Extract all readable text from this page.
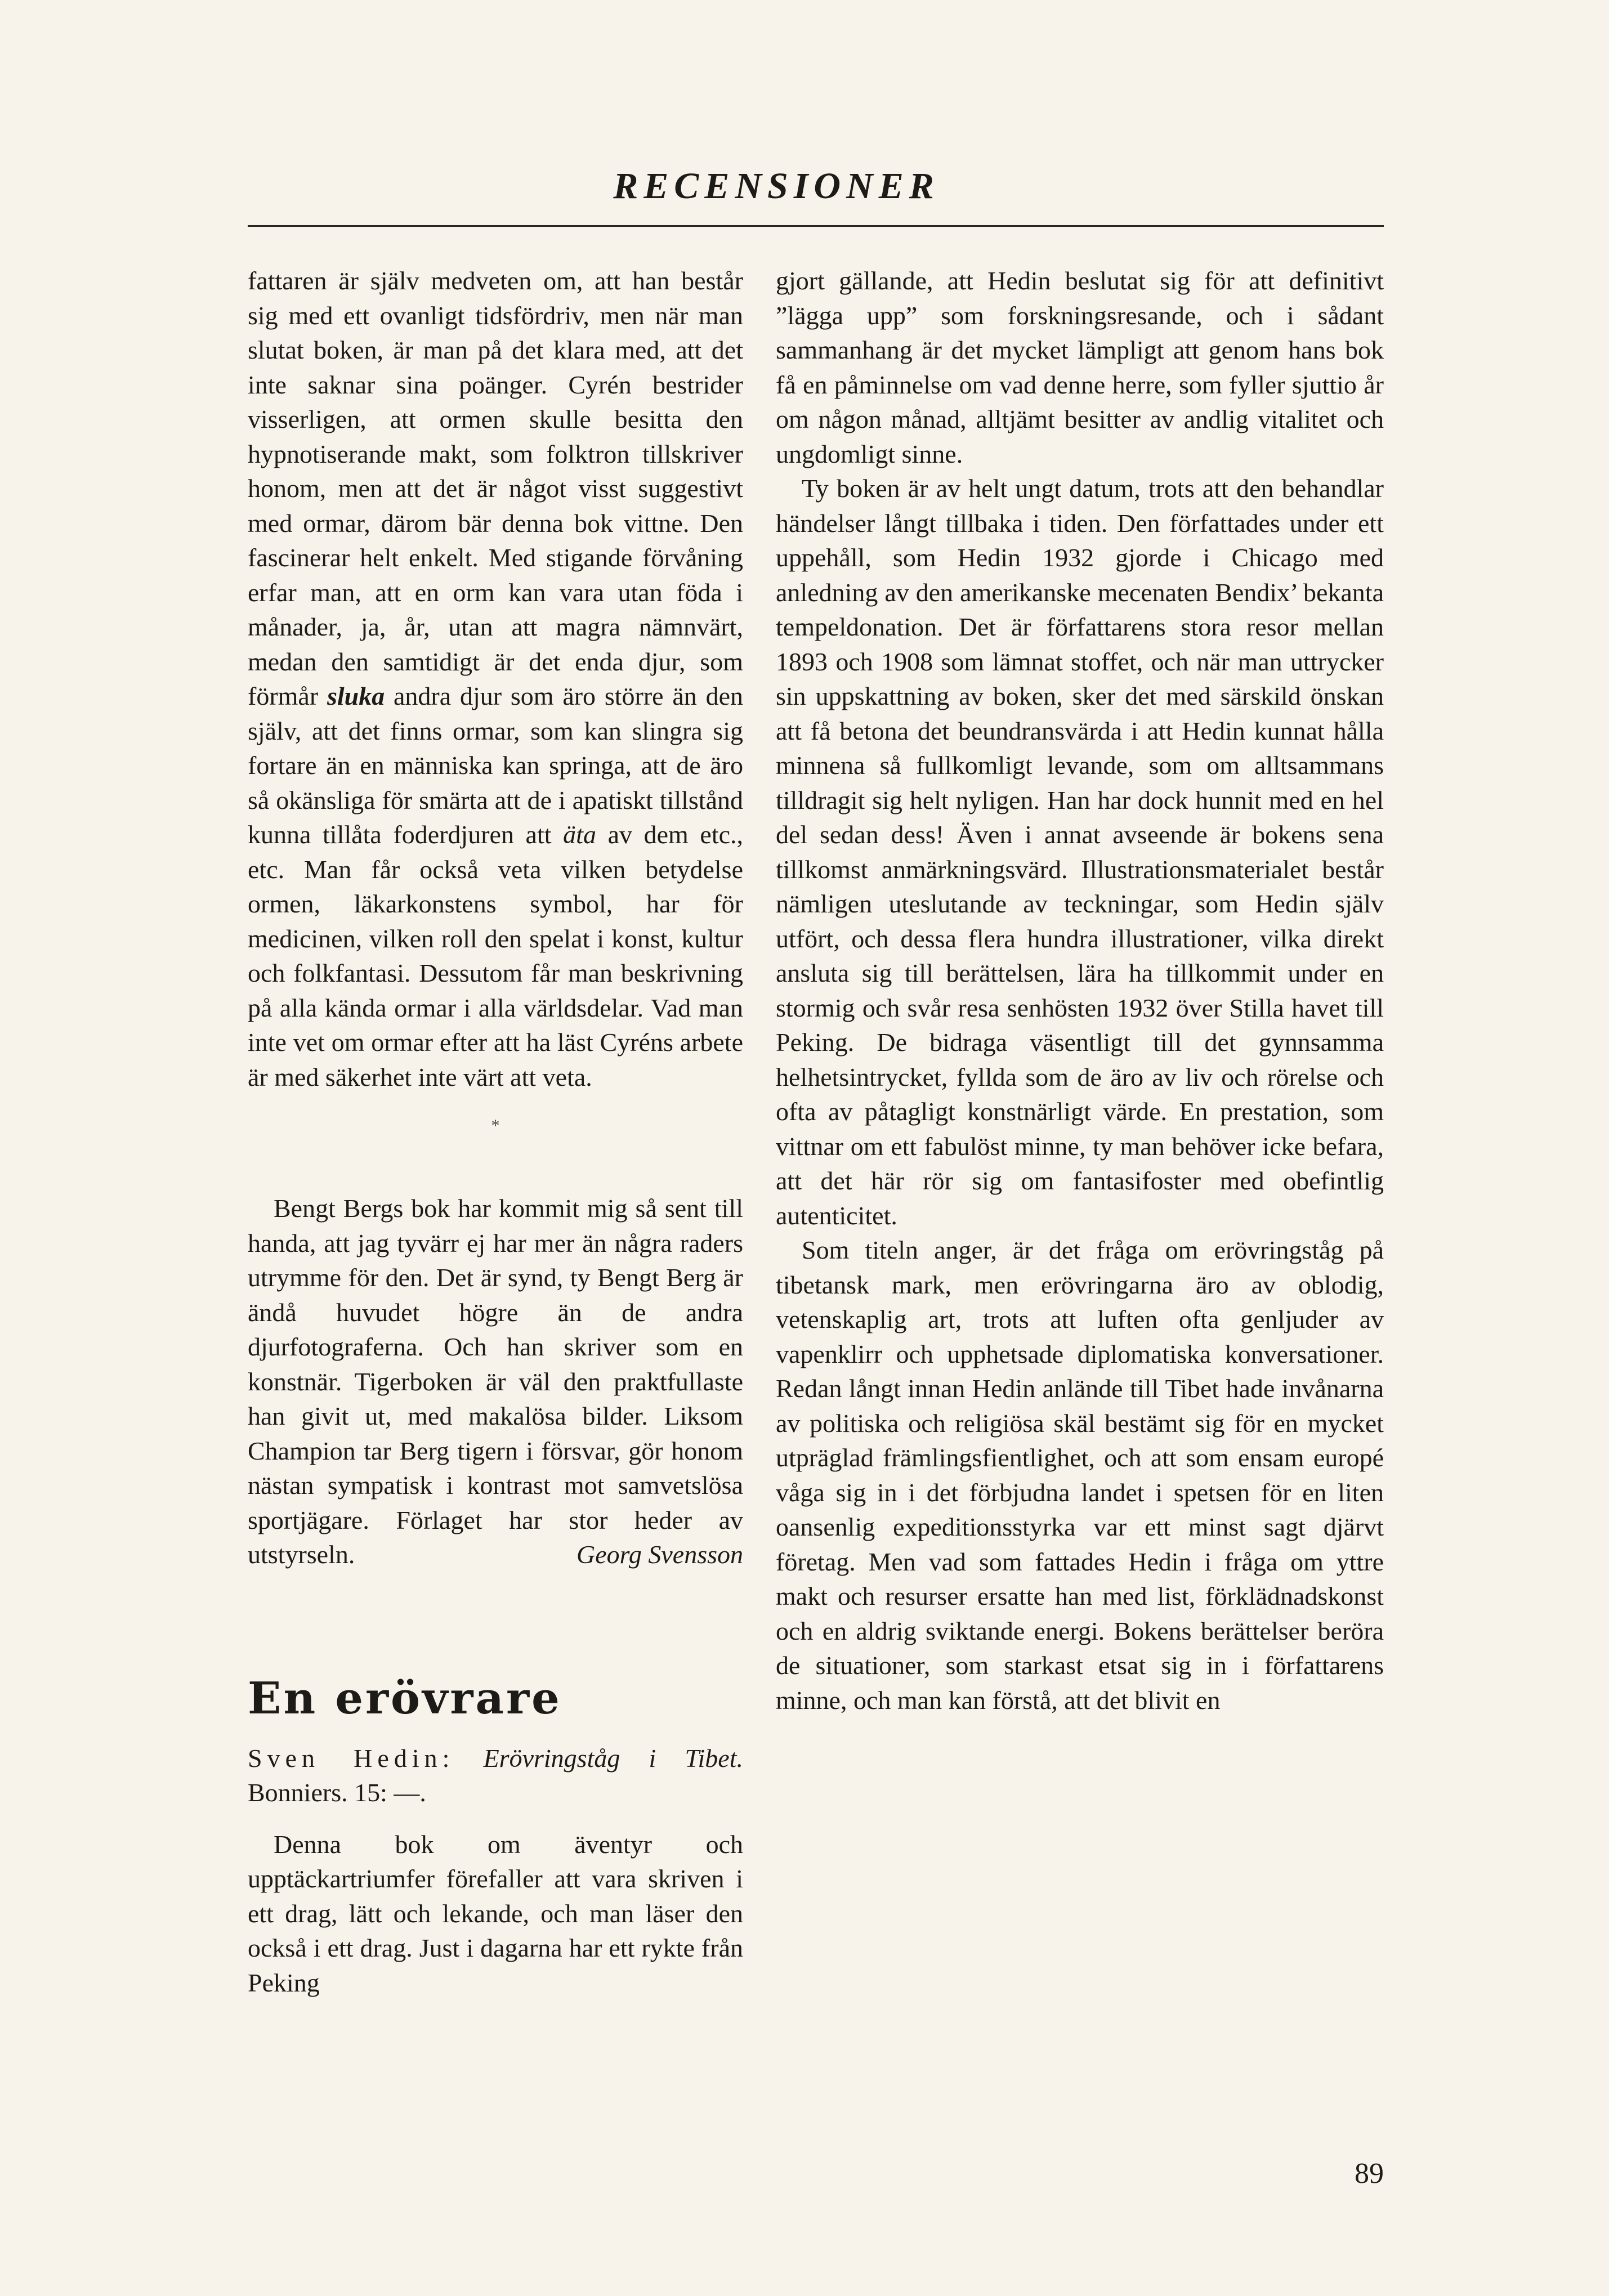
RECENSIONER

fattaren är själv medveten om, att han består sig med ett ovanligt tidsfördriv, men när man slutat boken, är man på det klara med, att det inte saknar sina poänger. Cyrén bestrider visserligen, att ormen skulle besitta den hypnotiserande makt, som folktron tillskriver honom, men att det är något visst suggestivt med ormar, därom bär denna bok vittne. Den fascinerar helt enkelt. Med stigande förvåning erfar man, att en orm kan vara utan föda i månader, ja, år, utan att magra nämnvärt, medan den samtidigt är det enda djur, som förmår sluka andra djur som äro större än den själv, att det finns ormar, som kan slingra sig fortare än en människa kan springa, att de äro så okänsliga för smärta att de i apatiskt tillstånd kunna tillåta foderdjuren att äta av dem etc., etc. Man får också veta vilken betydelse ormen, läkarkonstens symbol, har för medicinen, vilken roll den spelat i konst, kultur och folkfantasi. Dessutom får man beskrivning på alla kända ormar i alla världsdelar. Vad man inte vet om ormar efter att ha läst Cyréns arbete är med säkerhet inte värt att veta.

*

Bengt Bergs bok har kommit mig så sent till handa, att jag tyvärr ej har mer än några raders utrymme för den. Det är synd, ty Bengt Berg är ändå huvudet högre än de andra djurfotograferna. Och han skriver som en konstnär. Tigerboken är väl den praktfullaste han givit ut, med makalösa bilder. Liksom Champion tar Berg tigern i försvar, gör honom nästan sympatisk i kontrast mot samvetslösa sportjägare. Förlaget har stor heder av utstyrseln.	Georg Svensson

En erövrare

Sven Hedin: Erövringståg i Tibet. Bonniers. 15: —.

Denna bok om äventyr och upptäckartriumfer förefaller att vara skriven i ett drag, lätt och lekande, och man läser den också i ett drag. Just i dagarna har ett rykte från Peking

gjort gällande, att Hedin beslutat sig för att definitivt ”lägga upp” som forskningsresande, och i sådant sammanhang är det mycket lämpligt att genom hans bok få en påminnelse om vad denne herre, som fyller sjuttio år om någon månad, alltjämt besitter av andlig vitalitet och ungdomligt sinne.

Ty boken är av helt ungt datum, trots att den behandlar händelser långt tillbaka i tiden. Den författades under ett uppehåll, som Hedin 1932 gjorde i Chicago med anledning av den amerikanske mecenaten Bendix’ bekanta tempeldonation. Det är författarens stora resor mellan 1893 och 1908 som lämnat stoffet, och när man uttrycker sin uppskattning av boken, sker det med särskild önskan att få betona det beundransvärda i att Hedin kunnat hålla minnena så fullkomligt levande, som om alltsammans tilldragit sig helt nyligen. Han har dock hunnit med en hel del sedan dess! Även i annat avseende är bokens sena tillkomst anmärkningsvärd. Illustrationsmaterialet består nämligen uteslutande av teckningar, som Hedin själv utfört, och dessa flera hundra illustrationer, vilka direkt ansluta sig till berättelsen, lära ha tillkommit under en stormig och svår resa senhösten 1932 över Stilla havet till Peking. De bidraga väsentligt till det gynnsamma helhetsintrycket, fyllda som de äro av liv och rörelse och ofta av påtagligt konstnärligt värde. En prestation, som vittnar om ett fabulöst minne, ty man behöver icke befara, att det här rör sig om fantasifoster med obefintlig autenticitet.

Som titeln anger, är det fråga om erövringståg på tibetansk mark, men erövringarna äro av oblodig, vetenskaplig art, trots att luften ofta genljuder av vapenklirr och upphetsade diplomatiska konversationer. Redan långt innan Hedin anlände till Tibet hade invånarna av politiska och religiösa skäl bestämt sig för en mycket utpräglad främlingsfientlighet, och att som ensam europé våga sig in i det förbjudna landet i spetsen för en liten oansenlig expeditionsstyrka var ett minst sagt djärvt företag. Men vad som fattades Hedin i fråga om yttre makt och resurser ersatte han med list, förklädnadskonst och en aldrig sviktande energi. Bokens berättelser beröra de situationer, som starkast etsat sig in i författarens minne, och man kan förstå, att det blivit en

89
